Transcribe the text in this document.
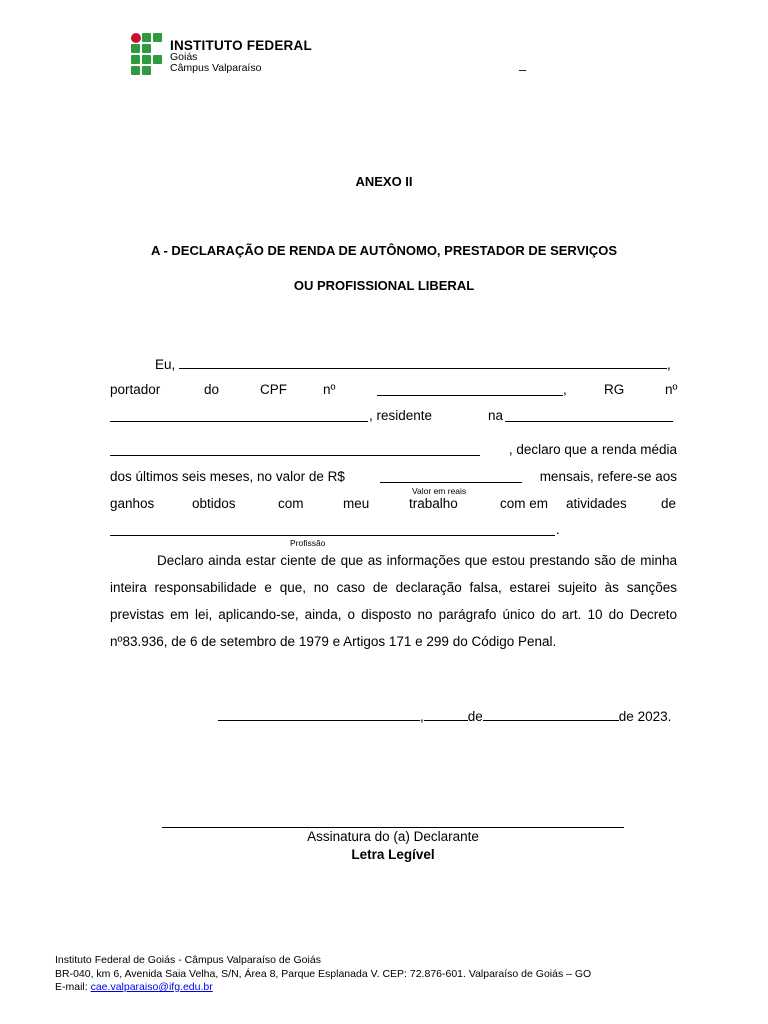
INSTITUTO FEDERAL
Goiás
Câmpus Valparaíso	–
ANEXO II
A - DECLARAÇÃO DE RENDA DE AUTÔNOMO, PRESTADOR DE SERVIÇOS
OU PROFISSIONAL LIBERAL
Eu,	,
portador	do	CPF	nº	,	RG	nº
, residente	na
, declaro que a renda média
dos últimos seis meses, no valor de R$	mensais, refere-se aos
Valor em reais
ganhos	obtidos	com	meu	trabalho	com em atividades	de
.
Profissão
Declaro ainda estar ciente de que as informações que estou prestando são de minha inteira responsabilidade e que, no caso de declaração falsa, estarei sujeito às sanções previstas em lei, aplicando-se, ainda, o disposto no parágrafo único do art. 10 do Decreto nº83.936, de 6 de setembro de 1979 e Artigos 171 e 299 do Código Penal.
,	de	de 2023.
Assinatura do (a) Declarante
Letra Legível
Instituto Federal de Goiás - Câmpus Valparaíso de Goiás
BR-040, km 6, Avenida Saia Velha, S/N, Área 8, Parque Esplanada V. CEP: 72.876-601. Valparaíso de Goiás – GO
E-mail: cae.valparaiso@ifg.edu.br
